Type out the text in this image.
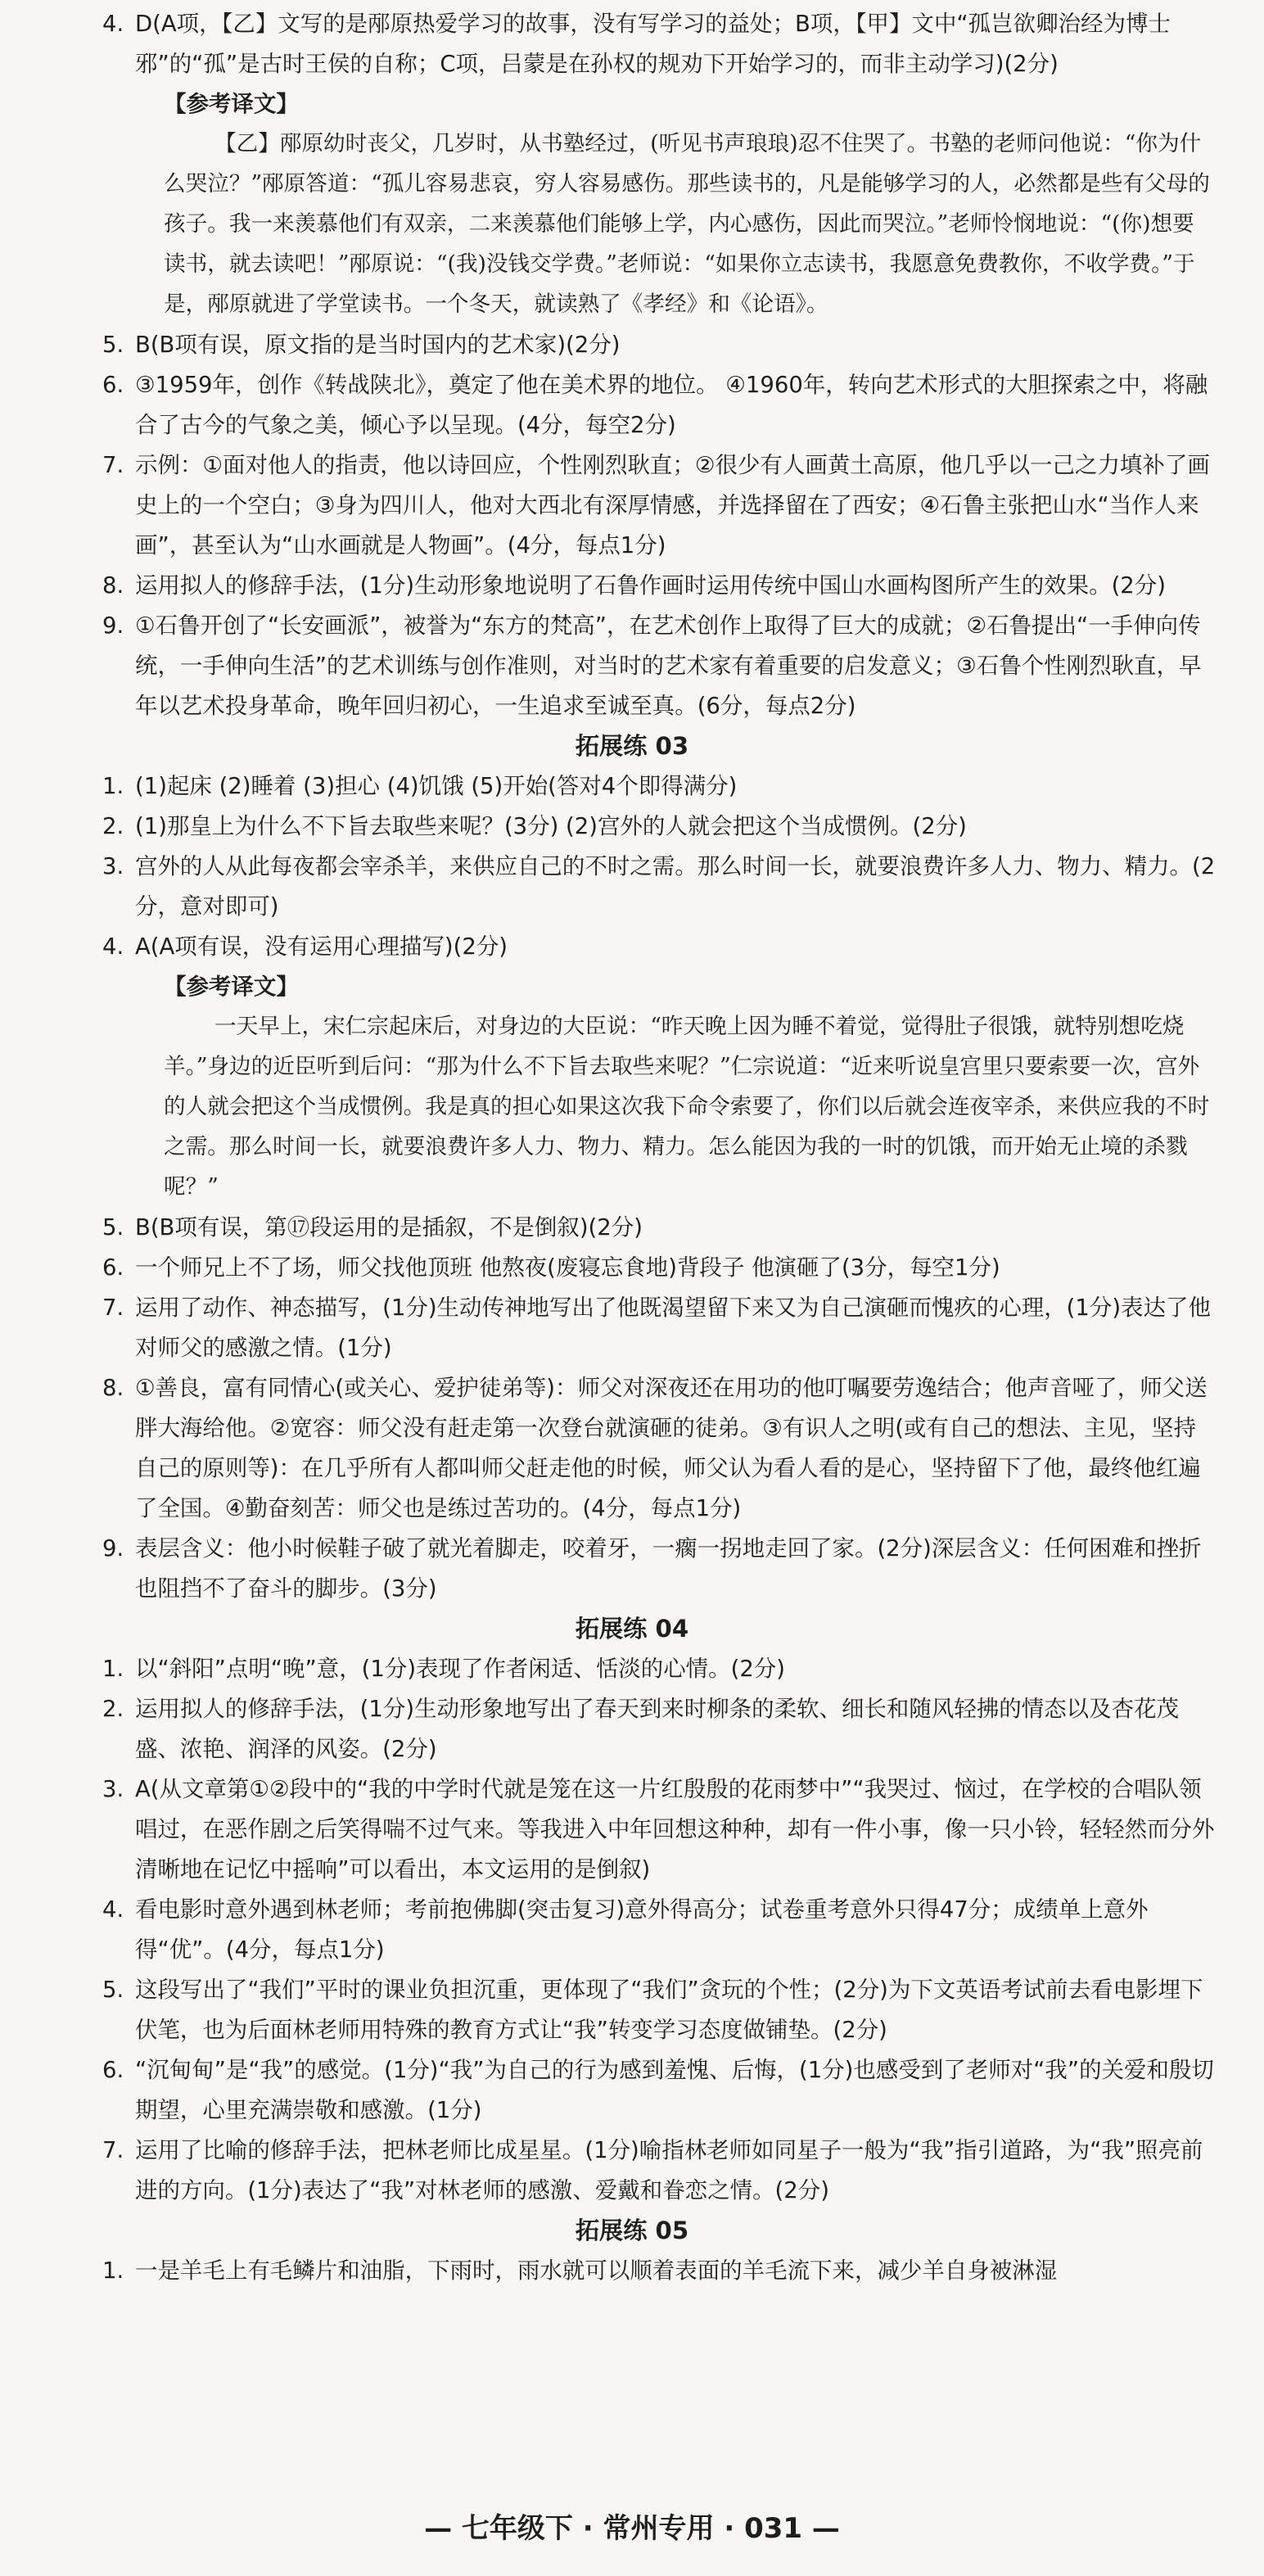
4. D(A项，【乙】文写的是邴原热爱学习的故事，没有写学习的益处；B项，【甲】文中“孤岂欲卿治经为博士邪”的“孤”是古时王侯的自称；C项，吕蒙是在孙权的规劝下开始学习的，而非主动学习)(2分)
【参考译文】
【乙】邴原幼时丧父，几岁时，从书塾经过，(听见书声琅琅)忍不住哭了。书塾的老师问他说：“你为什么哭泣？”邴原答道：“孤儿容易悲哀，穷人容易感伤。那些读书的，凡是能够学习的人，必然都是些有父母的孩子。我一来羡慕他们有双亲，二来羡慕他们能够上学，内心感伤，因此而哭泣。”老师怜悯地说：“(你)想要读书，就去读吧！”邴原说：“(我)没钱交学费。”老师说：“如果你立志读书，我愿意免费教你，不收学费。”于是，邴原就进了学堂读书。一个冬天，就读熟了《孝经》和《论语》。
5. B(B项有误，原文指的是当时国内的艺术家)(2分)
6. ③1959年，创作《转战陕北》，奠定了他在美术界的地位。 ④1960年，转向艺术形式的大胆探索之中，将融合了古今的气象之美，倾心予以呈现。(4分，每空2分)
7. 示例：①面对他人的指责，他以诗回应，个性刚烈耿直；②很少有人画黄土高原，他几乎以一己之力填补了画史上的一个空白；③身为四川人，他对大西北有深厚情感，并选择留在了西安；④石鲁主张把山水“当作人来画”，甚至认为“山水画就是人物画”。(4分，每点1分)
8. 运用拟人的修辞手法，(1分)生动形象地说明了石鲁作画时运用传统中国山水画构图所产生的效果。(2分)
9. ①石鲁开创了“长安画派”，被誉为“东方的梵高”，在艺术创作上取得了巨大的成就；②石鲁提出“一手伸向传统，一手伸向生活”的艺术训练与创作准则，对当时的艺术家有着重要的启发意义；③石鲁个性刚烈耿直，早年以艺术投身革命，晚年回归初心，一生追求至诚至真。(6分，每点2分)
拓展练 03
1. (1)起床 (2)睡着 (3)担心 (4)饥饿 (5)开始(答对4个即得满分)
2. (1)那皇上为什么不下旨去取些来呢？(3分) (2)宫外的人就会把这个当成惯例。(2分)
3. 宫外的人从此每夜都会宰杀羊，来供应自己的不时之需。那么时间一长，就要浪费许多人力、物力、精力。(2分，意对即可)
4. A(A项有误，没有运用心理描写)(2分)
【参考译文】
一天早上，宋仁宗起床后，对身边的大臣说：“昨天晚上因为睡不着觉，觉得肚子很饿，就特别想吃烧羊。”身边的近臣听到后问：“那为什么不下旨去取些来呢？”仁宗说道：“近来听说皇宫里只要索要一次，宫外的人就会把这个当成惯例。我是真的担心如果这次我下命令索要了，你们以后就会连夜宰杀，来供应我的不时之需。那么时间一长，就要浪费许多人力、物力、精力。怎么能因为我的一时的饥饿，而开始无止境的杀戮呢？”
5. B(B项有误，第⑰段运用的是插叙，不是倒叙)(2分)
6. 一个师兄上不了场，师父找他顶班 他熬夜(废寝忘食地)背段子 他演砸了(3分，每空1分)
7. 运用了动作、神态描写，(1分)生动传神地写出了他既渴望留下来又为自己演砸而愧疚的心理，(1分)表达了他对师父的感激之情。(1分)
8. ①善良，富有同情心(或关心、爱护徒弟等)：师父对深夜还在用功的他叮嘱要劳逸结合；他声音哑了，师父送胖大海给他。②宽容：师父没有赶走第一次登台就演砸的徒弟。③有识人之明(或有自己的想法、主见，坚持自己的原则等)：在几乎所有人都叫师父赶走他的时候，师父认为看人看的是心，坚持留下了他，最终他红遍了全国。④勤奋刻苦：师父也是练过苦功的。(4分，每点1分)
9. 表层含义：他小时候鞋子破了就光着脚走，咬着牙，一瘸一拐地走回了家。(2分)深层含义：任何困难和挫折也阻挡不了奋斗的脚步。(3分)
拓展练 04
1. 以“斜阳”点明“晚”意，(1分)表现了作者闲适、恬淡的心情。(2分)
2. 运用拟人的修辞手法，(1分)生动形象地写出了春天到来时柳条的柔软、细长和随风轻拂的情态以及杏花茂盛、浓艳、润泽的风姿。(2分)
3. A(从文章第①②段中的“我的中学时代就是笼在这一片红殷殷的花雨梦中”“我哭过、恼过，在学校的合唱队领唱过，在恶作剧之后笑得喘不过气来。等我进入中年回想这种种，却有一件小事，像一只小铃，轻轻然而分外清晰地在记忆中摇响”可以看出，本文运用的是倒叙)
4. 看电影时意外遇到林老师；考前抱佛脚(突击复习)意外得高分；试卷重考意外只得47分；成绩单上意外得“优”。(4分，每点1分)
5. 这段写出了“我们”平时的课业负担沉重，更体现了“我们”贪玩的个性；(2分)为下文英语考试前去看电影埋下伏笔，也为后面林老师用特殊的教育方式让“我”转变学习态度做铺垫。(2分)
6. “沉甸甸”是“我”的感觉。(1分)“我”为自己的行为感到羞愧、后悔，(1分)也感受到了老师对“我”的关爱和殷切期望，心里充满崇敬和感激。(1分)
7. 运用了比喻的修辞手法，把林老师比成星星。(1分)喻指林老师如同星子一般为“我”指引道路，为“我”照亮前进的方向。(1分)表达了“我”对林老师的感激、爱戴和眷恋之情。(2分)
拓展练 05
1. 一是羊毛上有毛鳞片和油脂，下雨时，雨水就可以顺着表面的羊毛流下来，减少羊自身被淋湿
— 七年级下 · 常州专用 · 031 —
